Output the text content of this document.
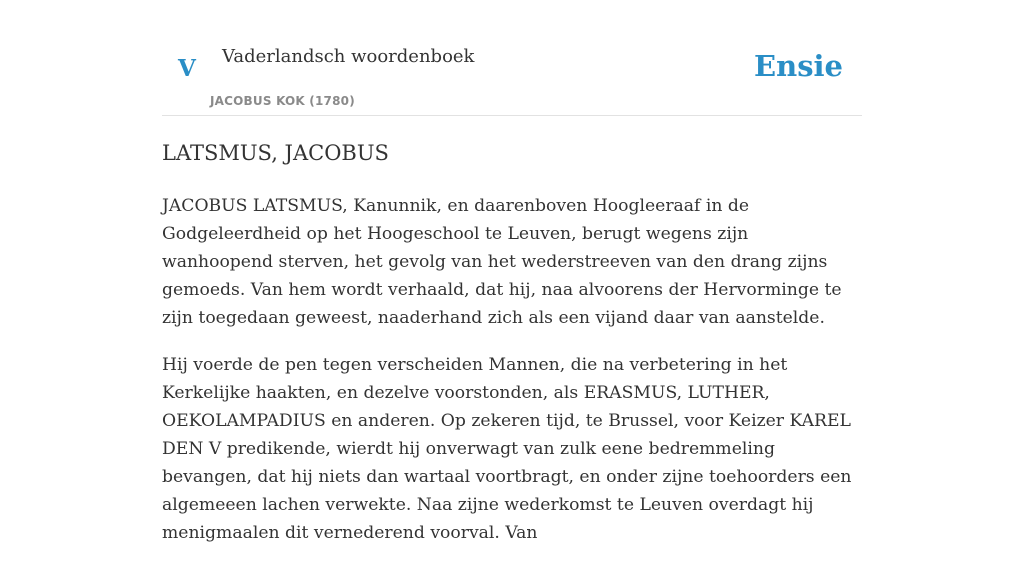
V Vaderlandsch woordenboek
JACOBUS KOK (1780)
Ensie
LATSMUS, JACOBUS

JACOBUS LATSMUS, Kanunnik, en daarenboven Hoogleeraaf in de Godgeleerdheid op het Hoogeschool te Leuven, berugt wegens zijn wanhoopend sterven, het gevolg van het wederstreeven van den drang zijns gemoeds. Van hem wordt verhaald, dat hij, naa alvoorens der Hervorminge te zijn toegedaan geweest, naaderhand zich als een vijand daar van aanstelde.

Hij voerde de pen tegen verscheiden Mannen, die na verbetering in het Kerkelijke haakten, en dezelve voorstonden, als ERASMUS, LUTHER, OEKOLAMPADIUS en anderen. Op zekeren tijd, te Brussel, voor Keizer KAREL DEN V predikende, wierdt hij onverwagt van zulk eene bedremmeling bevangen, dat hij niets dan wartaal voortbragt, en onder zijne toehoorders een algemeeen lachen verwekte. Naa zijne wederkomst te Leuven overdagt hij menigmaalen dit vernederend voorval. Van
